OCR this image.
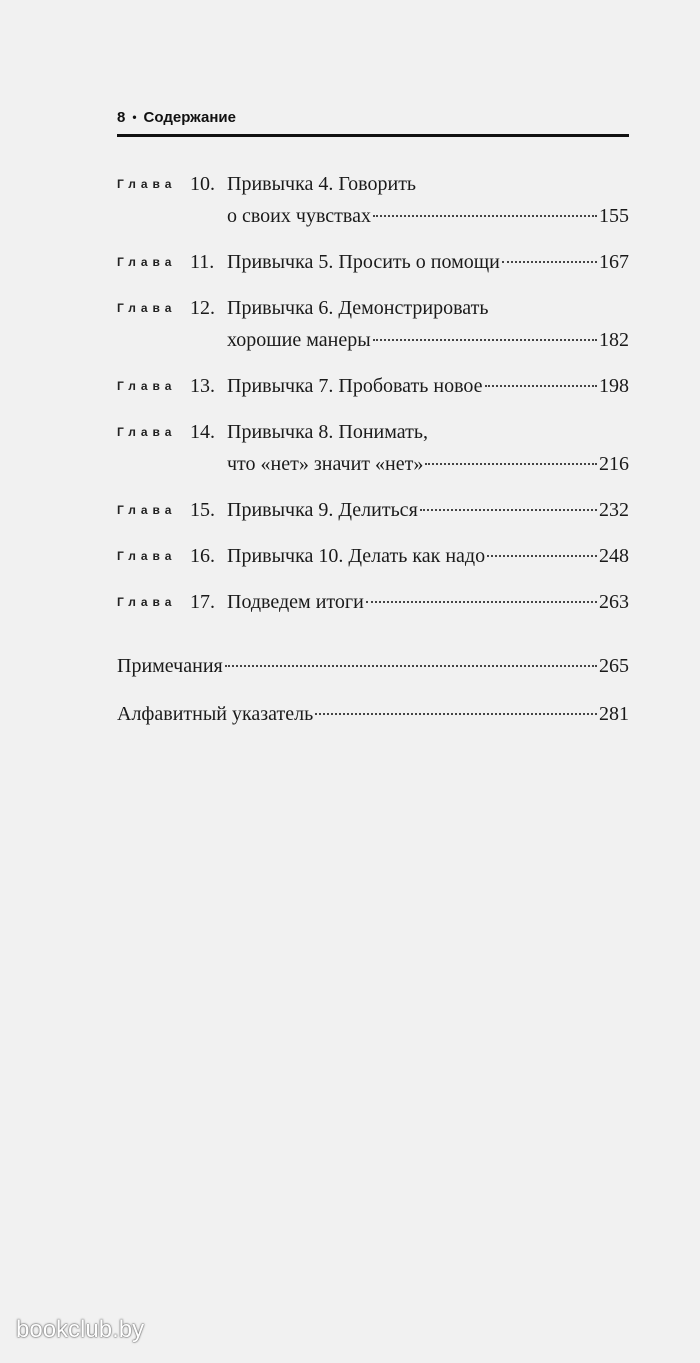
8 • Содержание
Глава 10. Привычка 4. Говорить
о своих чувствах	155
Глава 11. Привычка 5. Просить о помощи	167
Глава 12. Привычка 6. Демонстрировать
хорошие манеры	182
Глава 13. Привычка 7. Пробовать новое	198
Глава 14. Привычка 8. Понимать,
что «нет» значит «нет»	216
Глава 15. Привычка 9. Делиться	232
Глава 16. Привычка 10. Делать как надо	248
Глава 17. Подведем итоги	263
Примечания	265
Алфавитный указатель	281
bookclub.by
